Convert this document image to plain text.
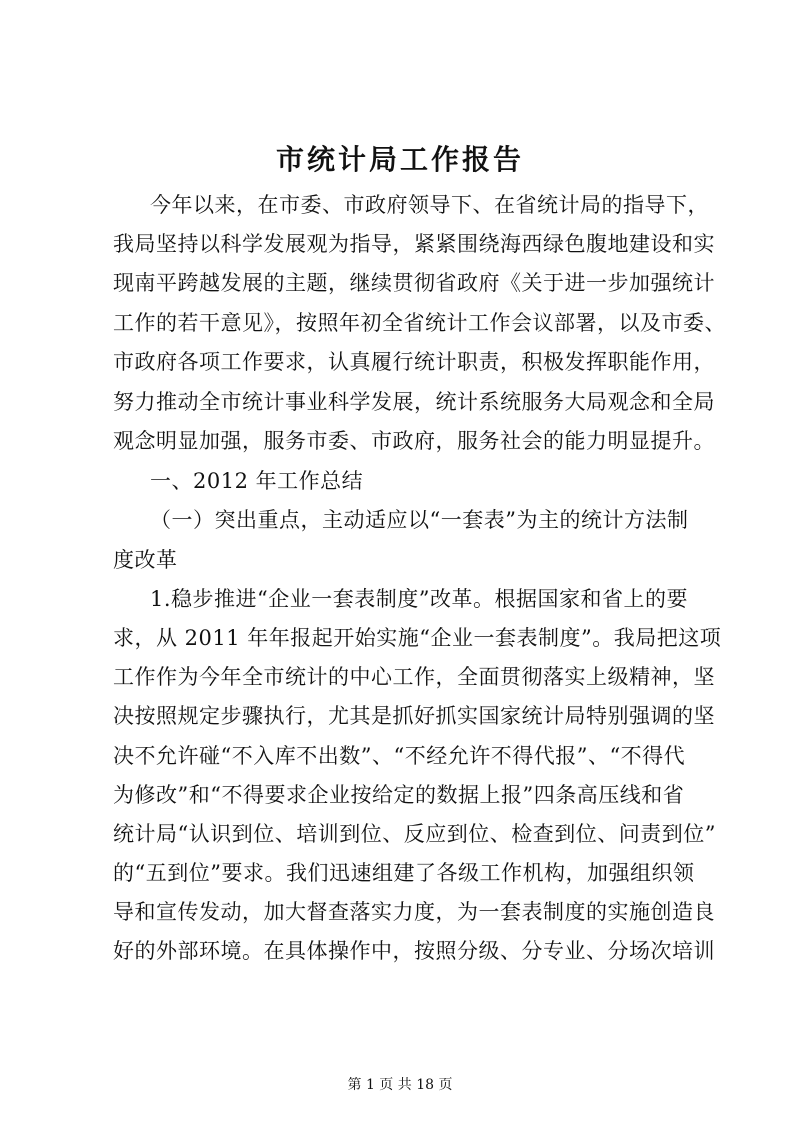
市统计局工作报告
今年以来，在市委、市政府领导下、在省统计局的指导下，
我局坚持以科学发展观为指导，紧紧围绕海西绿色腹地建设和实
现南平跨越发展的主题，继续贯彻省政府《关于进一步加强统计
工作的若干意见》，按照年初全省统计工作会议部署，以及市委、
市政府各项工作要求，认真履行统计职责，积极发挥职能作用，
努力推动全市统计事业科学发展，统计系统服务大局观念和全局
观念明显加强，服务市委、市政府，服务社会的能力明显提升。
一、2012 年工作总结
（一）突出重点，主动适应以“一套表”为主的统计方法制
度改革
1.稳步推进“企业一套表制度”改革。根据国家和省上的要
求，从 2011 年年报起开始实施“企业一套表制度”。我局把这项
工作作为今年全市统计的中心工作，全面贯彻落实上级精神，坚
决按照规定步骤执行，尤其是抓好抓实国家统计局特别强调的坚
决不允许碰“不入库不出数”、“不经允许不得代报”、“不得代
为修改”和“不得要求企业按给定的数据上报”四条高压线和省
统计局“认识到位、培训到位、反应到位、检查到位、问责到位”
的“五到位”要求。我们迅速组建了各级工作机构，加强组织领
导和宣传发动，加大督查落实力度，为一套表制度的实施创造良
好的外部环境。在具体操作中，按照分级、分专业、分场次培训
第 1 页 共 18 页
